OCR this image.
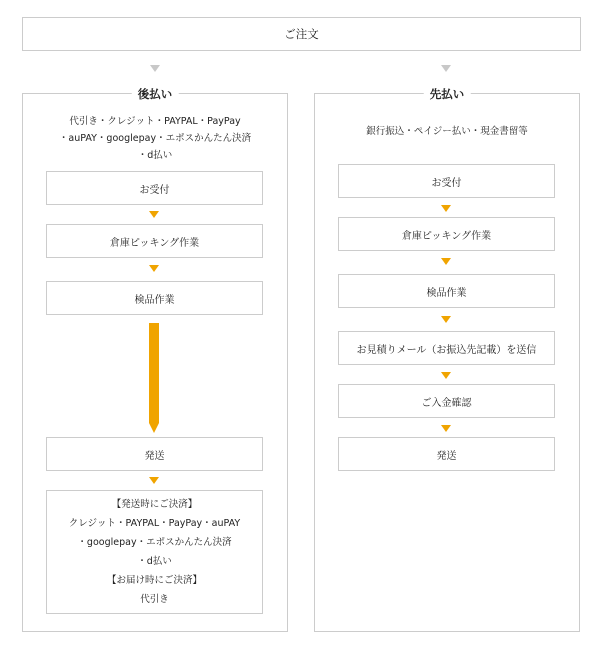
ご注文
後払い
代引き・クレジット・PAYPAL・PayPay
・auPAY・googlepay・エポスかんたん決済
・d払い
お受付
倉庫ピッキング作業
検品作業
発送
【発送時にご決済】
クレジット・PAYPAL・PayPay・auPAY
・googlepay・エポスかんたん決済
・d払い
【お届け時にご決済】
代引き
先払い
銀行振込・ペイジー払い・現金書留等
お受付
倉庫ピッキング作業
検品作業
お見積りメール（お振込先記載）を送信
ご入金確認
発送
